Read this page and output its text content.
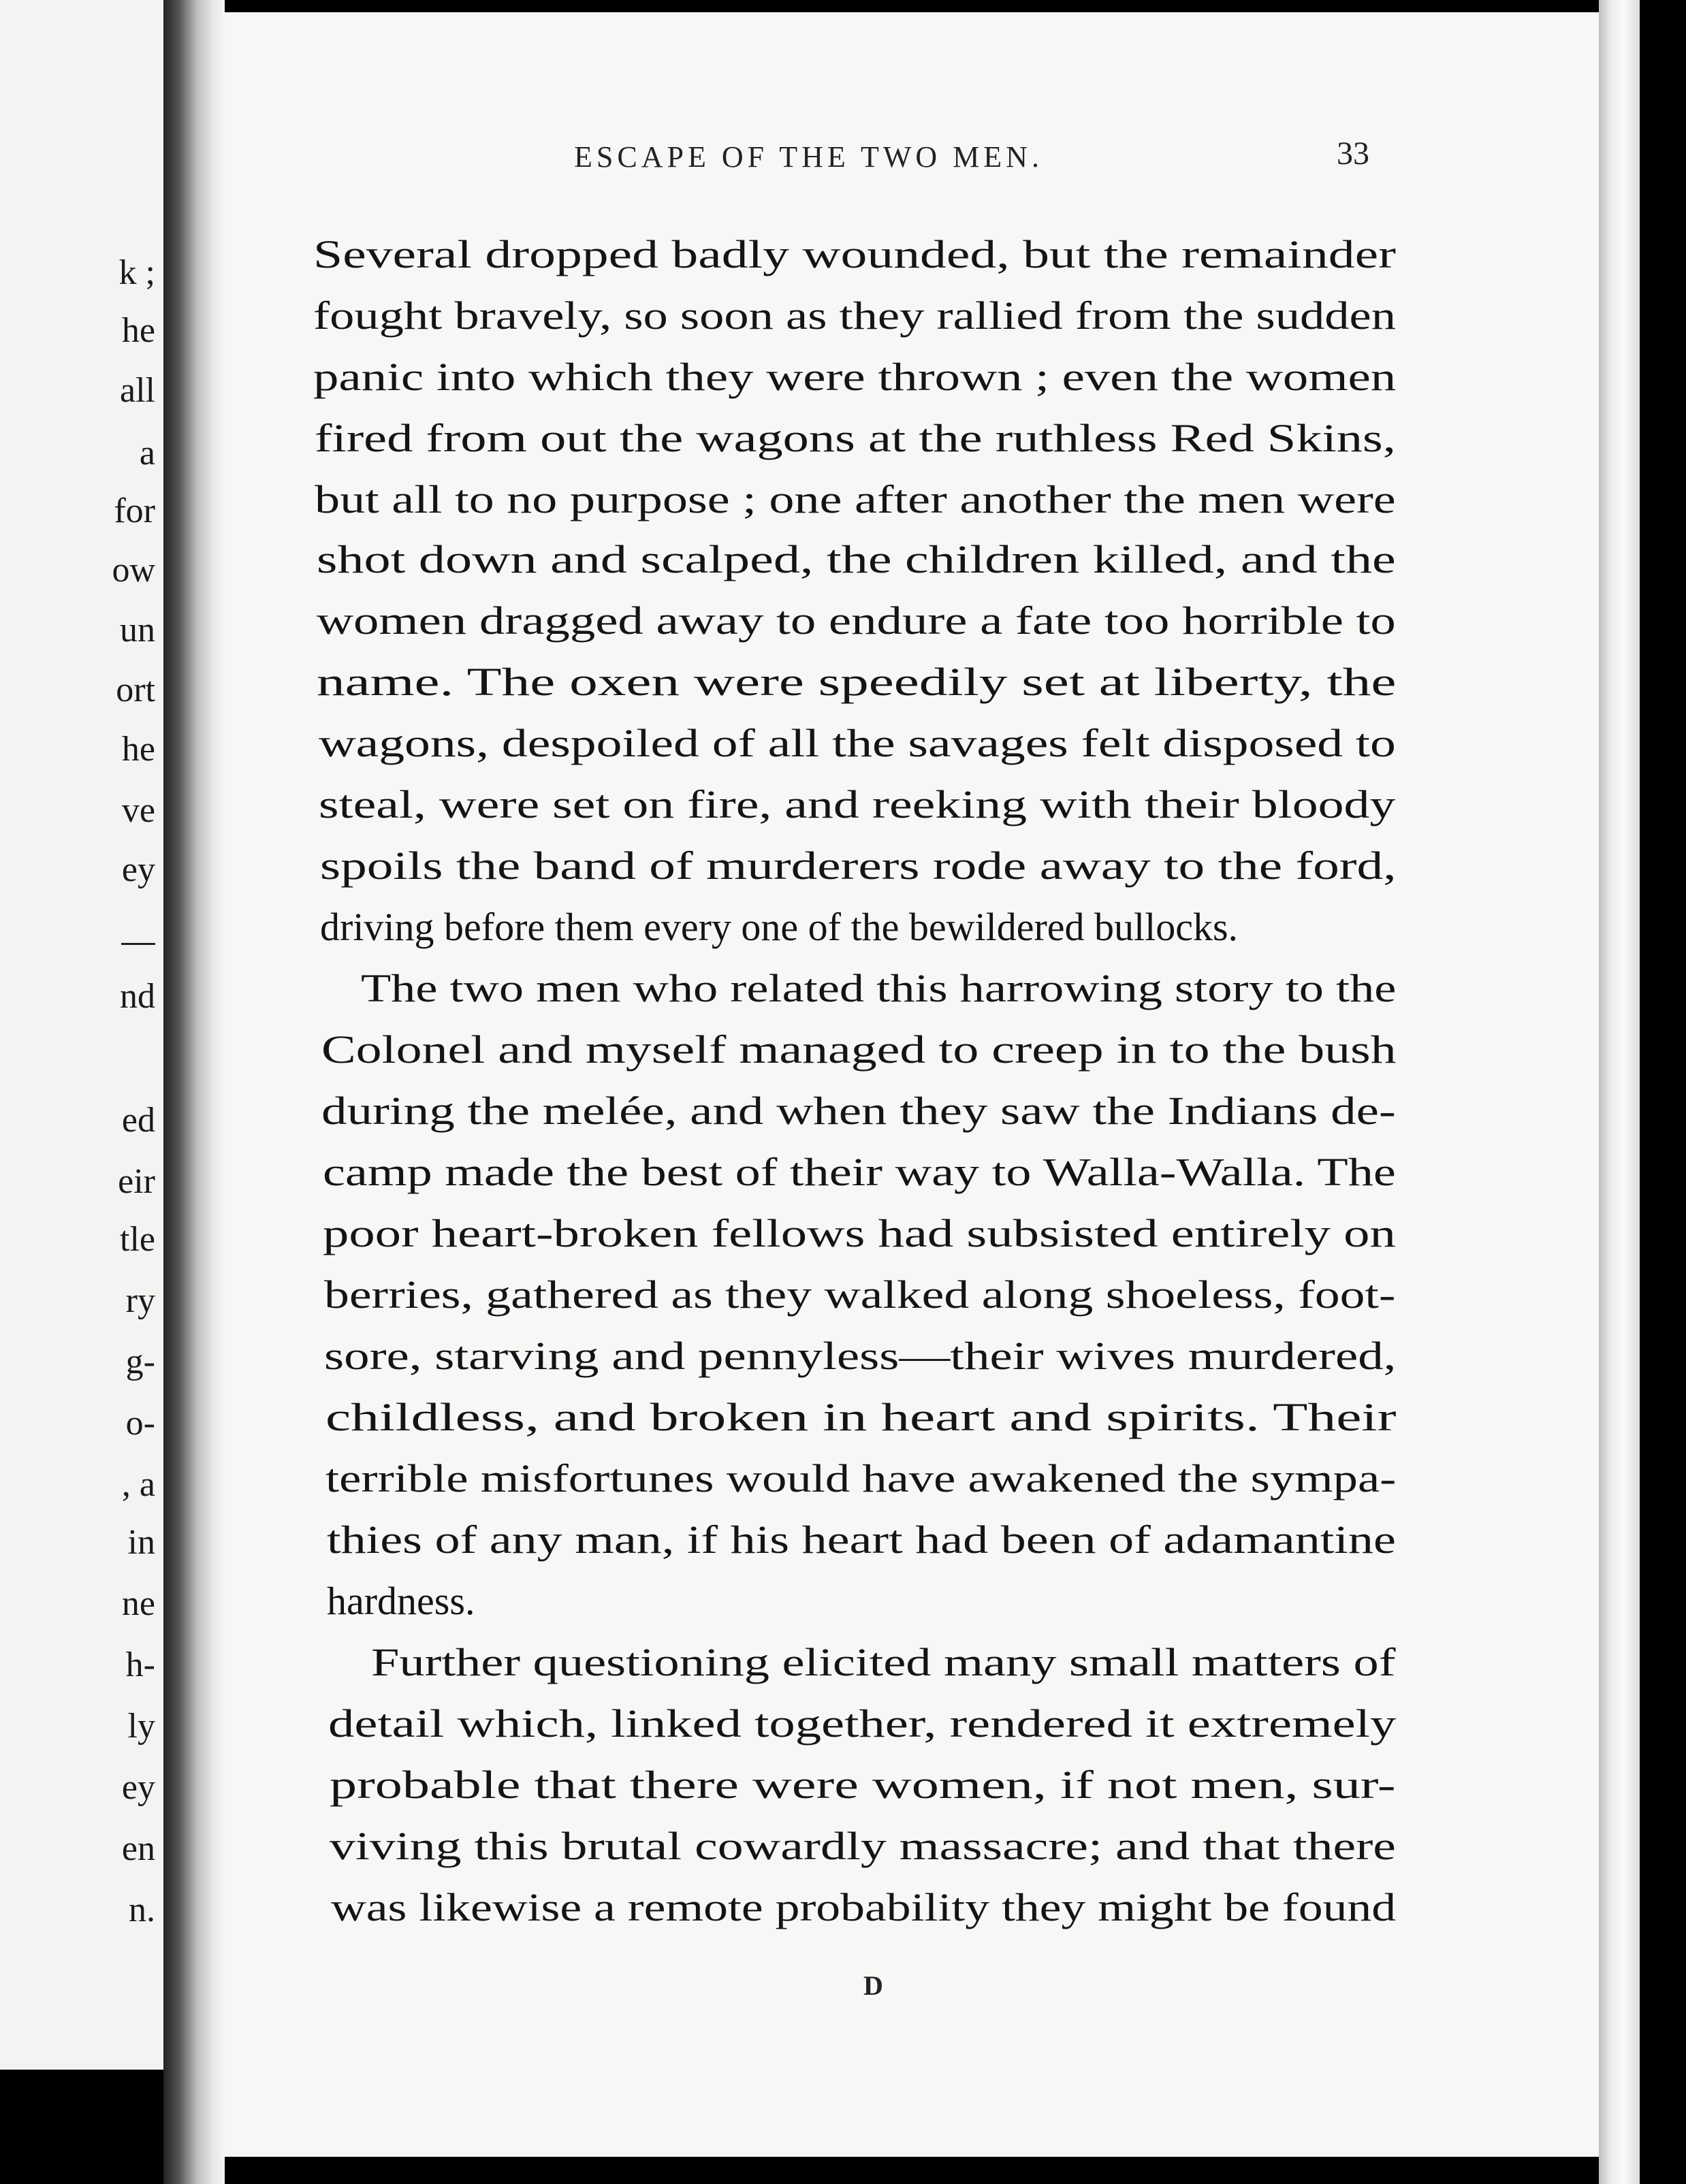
k ;
he
all
a
for
ow
un
ort
he
ve
ey
nd
ed
eir
tle
ry
g-
o-
, a
in
ne
h-
ly
ey
en
n.
ESCAPE OF THE TWO MEN.	33
Several dropped badly wounded, but the remainder
fought bravely, so soon as they rallied from the sudden
panic into which they were thrown ; even the women
fired from out the wagons at the ruthless Red Skins,
but all to no purpose ; one after another the men were
shot down and scalped, the children killed, and the
women dragged away to endure a fate too horrible to
name. The oxen were speedily set at liberty, the
wagons, despoiled of all the savages felt disposed to
steal, were set on fire, and reeking with their bloody
spoils the band of murderers rode away to the ford,
driving before them every one of the bewildered bullocks.
The two men who related this harrowing story to the
Colonel and myself managed to creep in to the bush
during the melée, and when they saw the Indians de-
camp made the best of their way to Walla-Walla. The
poor heart-broken fellows had subsisted entirely on
berries, gathered as they walked along shoeless, foot-
sore, starving and pennyless—their wives murdered,
childless, and broken in heart and spirits. Their
terrible misfortunes would have awakened the sympa-
thies of any man, if his heart had been of adamantine
hardness.
Further questioning elicited many small matters of
detail which, linked together, rendered it extremely
probable that there were women, if not men, sur-
viving this brutal cowardly massacre; and that there
was likewise a remote probability they might be found
D
